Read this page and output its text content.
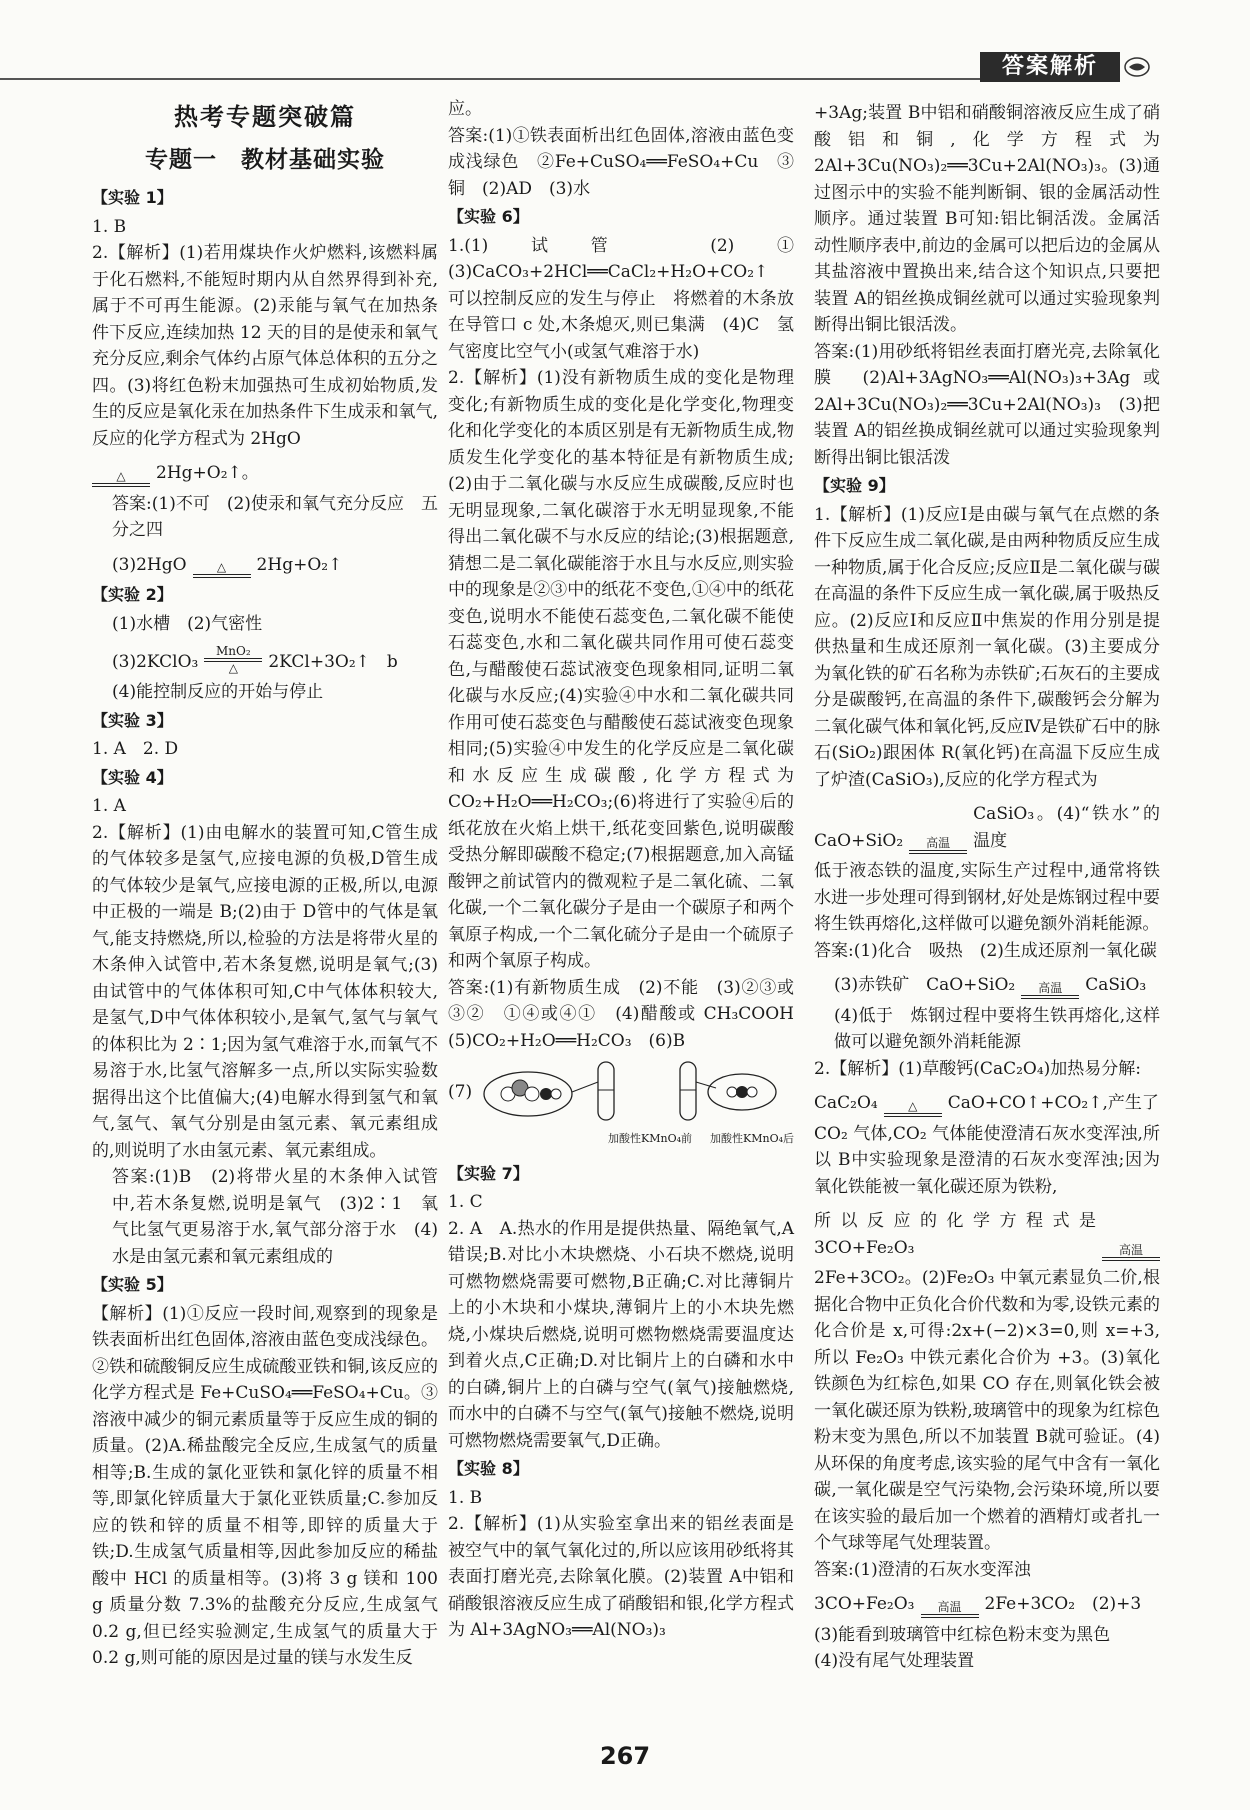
答案解析

热考专题突破篇

专题一　教材基础实验

【实验 1】

1. B

2.【解析】(1)若用煤块作火炉燃料,该燃料属于化石燃料,不能短时期内从自然界得到补充,属于不可再生能源。(2)汞能与氧气在加热条件下反应,连续加热 12 天的目的是使汞和氧气充分反应,剩余气体约占原气体总体积的五分之四。(3)将红色粉末加强热可生成初始物质,发生的反应是氧化汞在加热条件下生成汞和氧气,反应的化学方程式为 2HgO

△ 2Hg+O₂↑。

答案:(1)不可　(2)使汞和氧气充分反应　五分之四

(3)2HgO	△ 2Hg+O₂↑

【实验 2】

(1)水槽　(2)气密性

(3)2KClO₃
MnO₂
△ 2KCl+3O₂↑　b

(4)能控制反应的开始与停止

【实验 3】

1. A　2. D

【实验 4】

1. A

2.【解析】(1)由电解水的装置可知,C管生成的气体较多是氢气,应接电源的负极,D管生成的气体较少是氧气,应接电源的正极,所以,电源中正极的一端是 B;(2)由于 D管中的气体是氧气,能支持燃烧,所以,检验的方法是将带火星的木条伸入试管中,若木条复燃,说明是氧气;(3)由试管中的气体体积可知,C中气体体积较大,是氢气,D中气体体积较小,是氧气,氢气与氧气的体积比为 2∶1;因为氢气难溶于水,而氧气不易溶于水,比氢气溶解多一点,所以实际实验数据得出这个比值偏大;(4)电解水得到氢气和氧气,氢气、氧气分别是由氢元素、氧元素组成的,则说明了水由氢元素、氧元素组成。

答案:(1)B　(2)将带火星的木条伸入试管中,若木条复燃,说明是氧气　(3)2∶1　氧气比氢气更易溶于水,氧气部分溶于水　(4)水是由氢元素和氧元素组成的

【实验 5】

【解析】(1)①反应一段时间,观察到的现象是铁表面析出红色固体,溶液由蓝色变成浅绿色。②铁和硫酸铜反应生成硫酸亚铁和铜,该反应的化学方程式是 Fe+CuSO₄══FeSO₄+Cu。③溶液中减少的铜元素质量等于反应生成的铜的质量。(2)A.稀盐酸完全反应,生成氢气的质量相等;B.生成的氯化亚铁和氯化锌的质量不相等,即氯化锌质量大于氯化亚铁质量;C.参加反应的铁和锌的质量不相等,即锌的质量大于铁;D.生成氢气质量相等,因此参加反应的稀盐酸中 HCl 的质量相等。(3)将 3 g 镁和 100 g 质量分数 7.3%的盐酸充分反应,生成氢气 0.2 g,但已经实验测定,生成氢气的质量大于 0.2 g,则可能的原因是过量的镁与水发生反

应。

答案:(1)①铁表面析出红色固体,溶液由蓝色变成浅绿色　②Fe+CuSO₄══FeSO₄+Cu　③铜　(2)AD　(3)水

【实验 6】

1.(1)试管　(2)①　(3)CaCO₃+2HCl══CaCl₂+H₂O+CO₂↑　可以控制反应的发生与停止　将燃着的木条放在导管口 c 处,木条熄灭,则已集满　(4)C　氢气密度比空气小(或氢气难溶于水)

2.【解析】(1)没有新物质生成的变化是物理变化;有新物质生成的变化是化学变化,物理变化和化学变化的本质区别是有无新物质生成,物质发生化学变化的基本特征是有新物质生成;(2)由于二氧化碳与水反应生成碳酸,反应时也无明显现象,二氧化碳溶于水无明显现象,不能得出二氧化碳不与水反应的结论;(3)根据题意,猜想二是二氧化碳能溶于水且与水反应,则实验中的现象是②③中的纸花不变色,①④中的纸花变色,说明水不能使石蕊变色,二氧化碳不能使石蕊变色,水和二氧化碳共同作用可使石蕊变色,与醋酸使石蕊试液变色现象相同,证明二氧化碳与水反应;(4)实验④中水和二氧化碳共同作用可使石蕊变色与醋酸使石蕊试液变色现象相同;(5)实验④中发生的化学反应是二氧化碳和水反应生成碳酸,化学方程式为 CO₂+H₂O══H₂CO₃;(6)将进行了实验④后的纸花放在火焰上烘干,纸花变回紫色,说明碳酸受热分解即碳酸不稳定;(7)根据题意,加入高锰酸钾之前试管内的微观粒子是二氧化硫、二氧化碳,一个二氧化碳分子是由一个碳原子和两个氧原子构成,一个二氧化硫分子是由一个硫原子和两个氧原子构成。

答案:(1)有新物质生成　(2)不能　(3)②③或③②　①④或④①　(4)醋酸或 CH₃COOH　(5)CO₂+H₂O══H₂CO₃　(6)B

(7)
加酸性KMnO₄前 加酸性KMnO₄后

【实验 7】

1. C

2. A　A.热水的作用是提供热量、隔绝氧气,A错误;B.对比小木块燃烧、小石块不燃烧,说明可燃物燃烧需要可燃物,B正确;C.对比薄铜片上的小木块和小煤块,薄铜片上的小木块先燃烧,小煤块后燃烧,说明可燃物燃烧需要温度达到着火点,C正确;D.对比铜片上的白磷和水中的白磷,铜片上的白磷与空气(氧气)接触燃烧,而水中的白磷不与空气(氧气)接触不燃烧,说明可燃物燃烧需要氧气,D正确。

【实验 8】

1. B

2.【解析】(1)从实验室拿出来的铝丝表面是被空气中的氧气氧化过的,所以应该用砂纸将其表面打磨光亮,去除氧化膜。(2)装置 A中铝和硝酸银溶液反应生成了硝酸铝和银,化学方程式为 Al+3AgNO₃══Al(NO₃)₃

+3Ag;装置 B中铝和硝酸铜溶液反应生成了硝酸铝和铜,化学方程式为 2Al+3Cu(NO₃)₂══3Cu+2Al(NO₃)₃。(3)通过图示中的实验不能判断铜、银的金属活动性顺序。通过装置 B可知:铝比铜活泼。金属活动性顺序表中,前边的金属可以把后边的金属从其盐溶液中置换出来,结合这个知识点,只要把装置 A的铝丝换成铜丝就可以通过实验现象判断得出铜比银活泼。

答案:(1)用砂纸将铝丝表面打磨光亮,去除氧化膜　(2)Al+3AgNO₃══Al(NO₃)₃+3Ag 或 2Al+3Cu(NO₃)₂══3Cu+2Al(NO₃)₃　(3)把装置 A的铝丝换成铜丝就可以通过实验现象判断得出铜比银活泼

【实验 9】

1.【解析】(1)反应Ⅰ是由碳与氧气在点燃的条件下反应生成二氧化碳,是由两种物质反应生成一种物质,属于化合反应;反应Ⅱ是二氧化碳与碳在高温的条件下反应生成一氧化碳,属于吸热反应。(2)反应Ⅰ和反应Ⅱ中焦炭的作用分别是提供热量和生成还原剂一氧化碳。(3)主要成分为氧化铁的矿石名称为赤铁矿;石灰石的主要成分是碳酸钙,在高温的条件下,碳酸钙会分解为二氧化碳气体和氧化钙,反应Ⅳ是铁矿石中的脉石(SiO₂)跟困体 R(氧化钙)在高温下反应生成了炉渣(CaSiO₃),反应的化学方程式为

CaO+SiO₂ 高温
CaSiO₃。(4)“铁水”的温度

低于液态铁的温度,实际生产过程中,通常将铁水进一步处理可得到钢材,好处是炼钢过程中要将生铁再熔化,这样做可以避免额外消耗能源。

答案:(1)化合　吸热　(2)生成还原剂一氧化碳

(3)赤铁矿　CaO+SiO₂ 高温 CaSiO₃

(4)低于　炼钢过程中要将生铁再熔化,这样做可以避免额外消耗能源

2.【解析】(1)草酸钙(CaC₂O₄)加热易分解:

CaC₂O₄	△ CaO+CO↑+CO₂↑,产生了

CO₂ 气体,CO₂ 气体能使澄清石灰水变浑浊,所以 B中实验现象是澄清的石灰水变浑浊;因为氧化铁能被一氧化碳还原为铁粉,

所以反应的化学方程式是 3CO+Fe₂O₃	高温

2Fe+3CO₂。(2)Fe₂O₃ 中氧元素显负二价,根据化合物中正负化合价代数和为零,设铁元素的化合价是 x,可得:2x+(−2)×3=0,则 x=+3,所以 Fe₂O₃ 中铁元素化合价为 +3。(3)氧化铁颜色为红棕色,如果 CO 存在,则氧化铁会被一氧化碳还原为铁粉,玻璃管中的现象为红棕色粉末变为黑色,所以不加装置 B就可验证。(4)从环保的角度考虑,该实验的尾气中含有一氧化碳,一氧化碳是空气污染物,会污染环境,所以要在该实验的最后加一个燃着的酒精灯或者扎一个气球等尾气处理装置。

答案:(1)澄清的石灰水变浑浊

3CO+Fe₂O₃ 高温 2Fe+3CO₂　(2)+3

(3)能看到玻璃管中红棕色粉末变为黑色

(4)没有尾气处理装置

267
